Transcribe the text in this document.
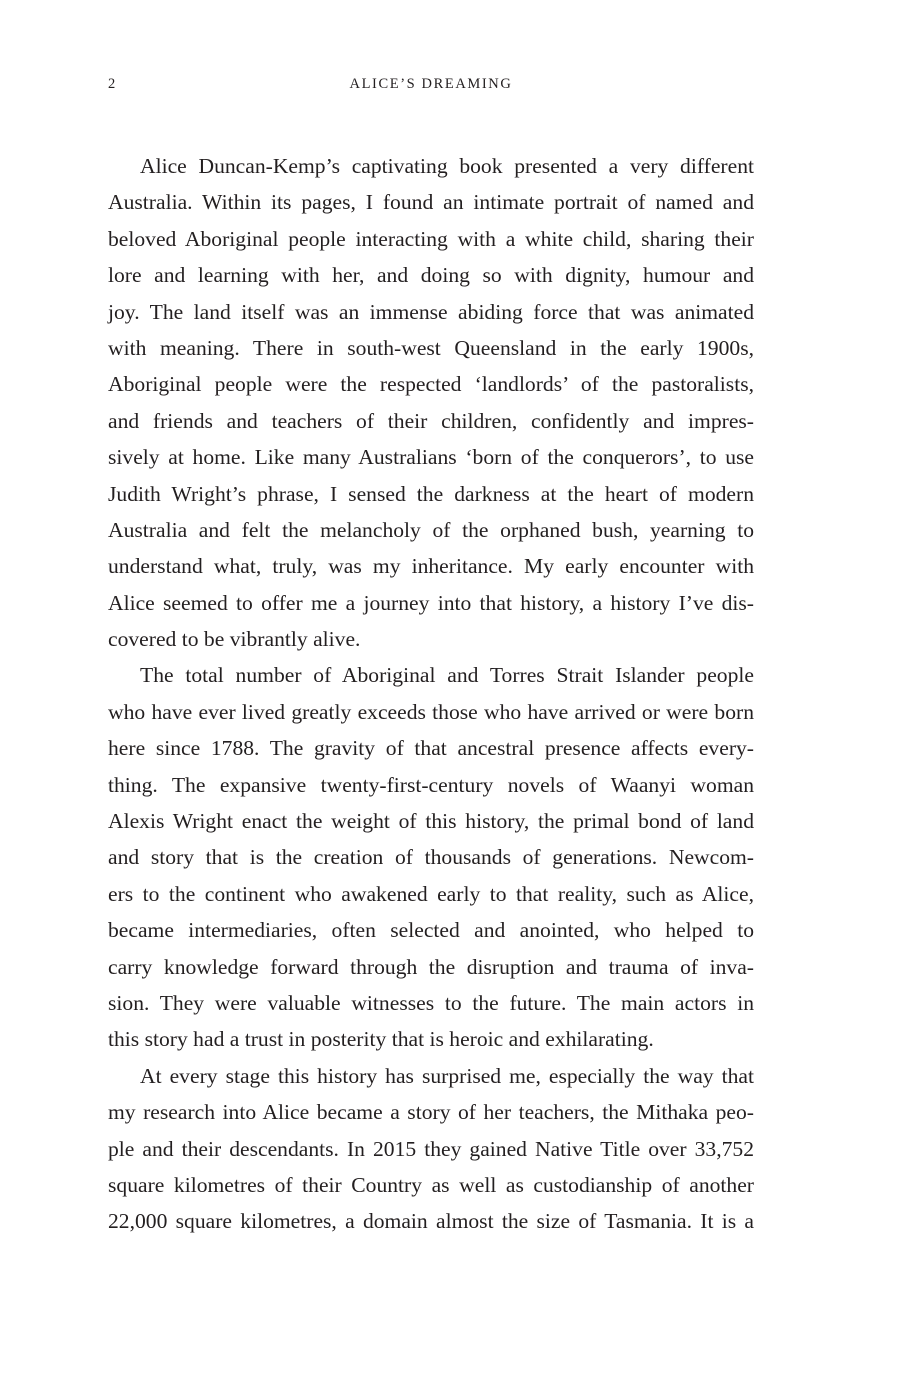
2	ALICE’S DREAMING
Alice Duncan-Kemp’s captivating book presented a very different
Australia. Within its pages, I found an intimate portrait of named and
beloved Aboriginal people interacting with a white child, sharing their
lore and learning with her, and doing so with dignity, humour and
joy. The land itself was an immense abiding force that was animated
with meaning. There in south-west Queensland in the early 1900s,
Aboriginal people were the respected ‘landlords’ of the pastoralists,
and friends and teachers of their children, confidently and impres-
sively at home. Like many Australians ‘born of the conquerors’, to use
Judith Wright’s phrase, I sensed the darkness at the heart of modern
Australia and felt the melancholy of the orphaned bush, yearning to
understand what, truly, was my inheritance. My early encounter with
Alice seemed to offer me a journey into that history, a history I’ve dis-
covered to be vibrantly alive.
The total number of Aboriginal and Torres Strait Islander people
who have ever lived greatly exceeds those who have arrived or were born
here since 1788. The gravity of that ancestral presence affects every-
thing. The expansive twenty-first-century novels of Waanyi woman
Alexis Wright enact the weight of this history, the primal bond of land
and story that is the creation of thousands of generations. Newcom-
ers to the continent who awakened early to that reality, such as Alice,
became intermediaries, often selected and anointed, who helped to
carry knowledge forward through the disruption and trauma of inva-
sion. They were valuable witnesses to the future. The main actors in
this story had a trust in posterity that is heroic and exhilarating.
At every stage this history has surprised me, especially the way that
my research into Alice became a story of her teachers, the Mithaka peo-
ple and their descendants. In 2015 they gained Native Title over 33,752
square kilometres of their Country as well as custodianship of another
22,000 square kilometres, a domain almost the size of Tasmania. It is a
